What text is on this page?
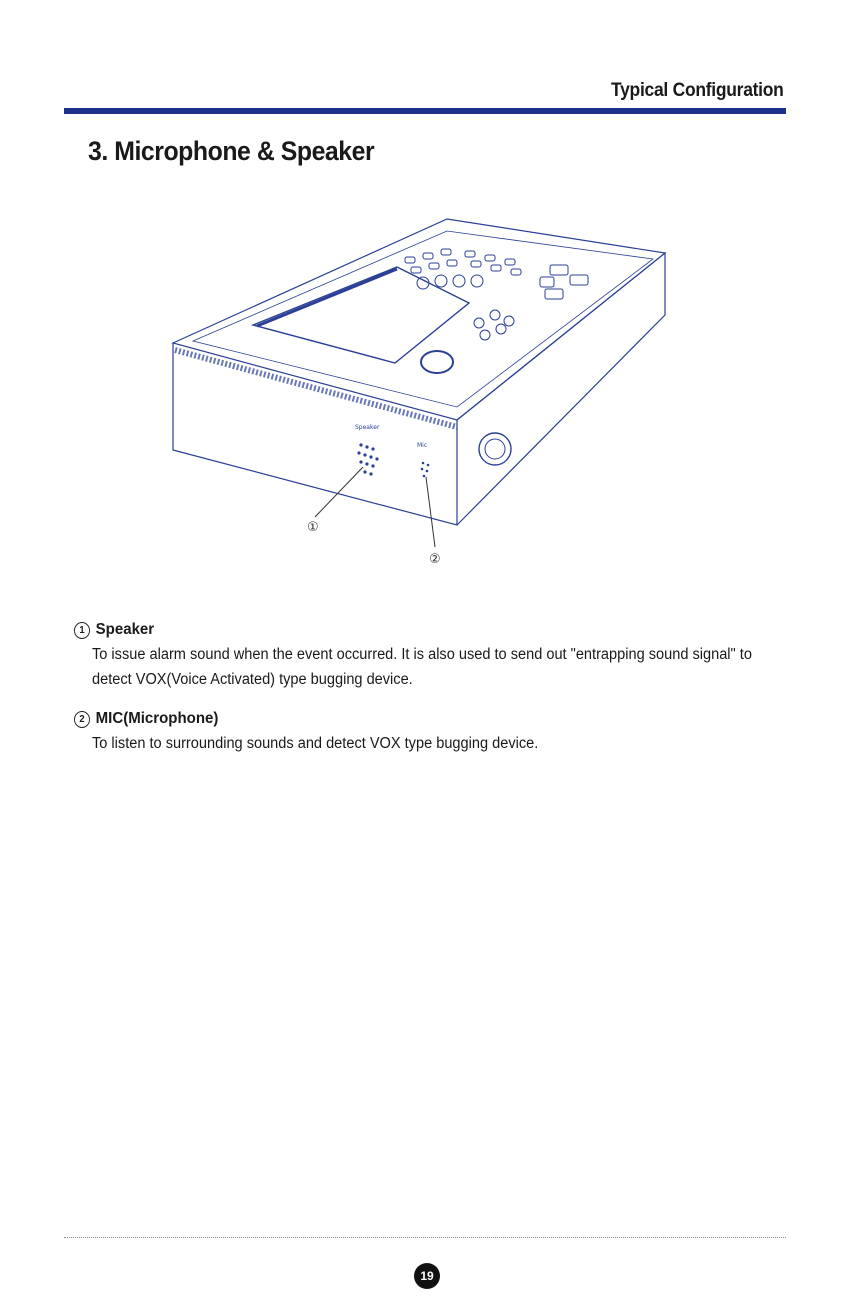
Typical Configuration
3. Microphone & Speaker
Speaker
Mic
①
②
1 Speaker
To issue alarm sound when the event occurred. It is also used to send out "entrapping sound signal" to detect VOX(Voice Activated) type bugging device.
2 MIC(Microphone)
To listen to surrounding sounds and detect VOX type bugging device.
19
